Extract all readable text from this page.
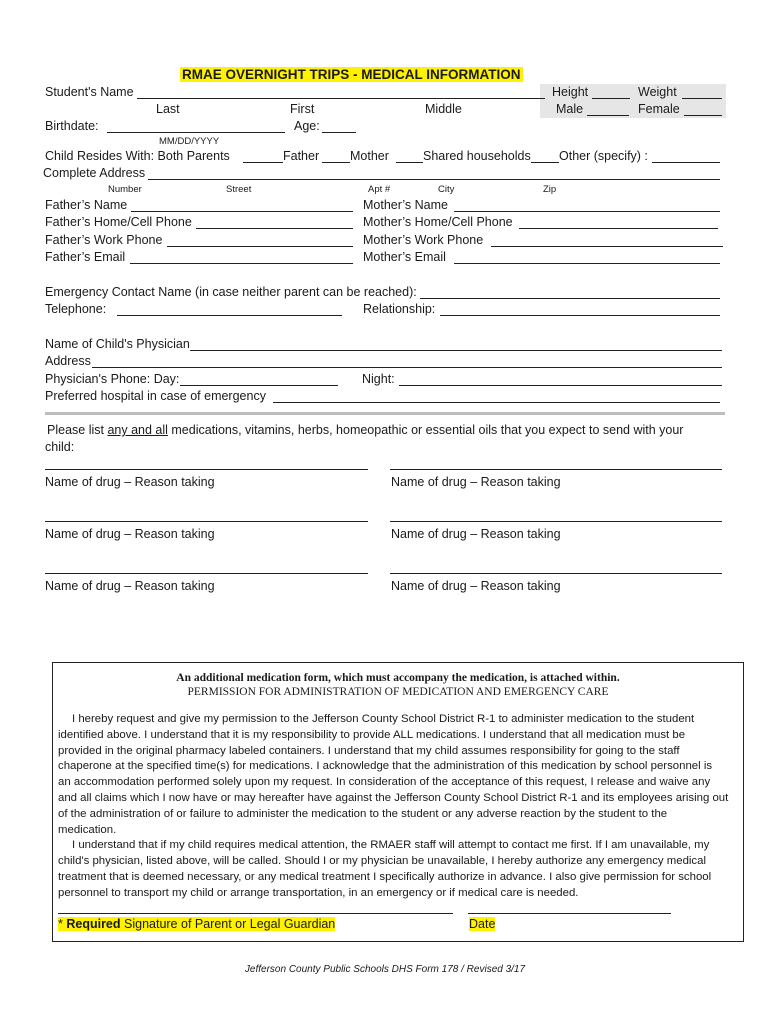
RMAE OVERNIGHT TRIPS - MEDICAL INFORMATION
Student's Name	Height	Weight
Last	First	Middle	Male	Female
Birthdate:	Age:
MM/DD/YYYY
Child Resides With: Both Parents	Father Mother	Shared households Other (specify) :
Complete Address
Number	Street	Apt #	City	Zip
Father’s Name	Mother’s Name
Father’s Home/Cell Phone	Mother’s Home/Cell Phone
Father’s Work Phone	Mother’s Work Phone
Father’s Email	Mother’s Email
Emergency Contact Name (in case neither parent can be reached):
Telephone:	Relationship:
Name of Child's Physician
Address
Physician's Phone: Day:	Night:
Preferred hospital in case of emergency
Please list any and all medications, vitamins, herbs, homeopathic or essential oils that you expect to send with your
child:
Name of drug – Reason taking	Name of drug – Reason taking
Name of drug – Reason taking	Name of drug – Reason taking
Name of drug – Reason taking	Name of drug – Reason taking
An additional medication form, which must accompany the medication, is attached within.
PERMISSION FOR ADMINISTRATION OF MEDICATION AND EMERGENCY CARE
I hereby request and give my permission to the Jefferson County School District R-1 to administer medication to the student
identified above. I understand that it is my responsibility to provide ALL medications. I understand that all medication must be
provided in the original pharmacy labeled containers. I understand that my child assumes responsibility for going to the staff
chaperone at the specified time(s) for medications. I acknowledge that the administration of this medication by school personnel is
an accommodation performed solely upon my request. In consideration of the acceptance of this request, I release and waive any
and all claims which I now have or may hereafter have against the Jefferson County School District R-1 and its employees arising out
of the administration of or failure to administer the medication to the student or any adverse reaction by the student to the
medication.
I understand that if my child requires medical attention, the RMAER staff will attempt to contact me first. If I am unavailable, my
child's physician, listed above, will be called. Should I or my physician be unavailable, I hereby authorize any emergency medical
treatment that is deemed necessary, or any medical treatment I specifically authorize in advance. I also give permission for school
personnel to transport my child or arrange transportation, in an emergency or if medical care is needed.
* Required Signature of Parent or Legal Guardian	Date
Jefferson County Public Schools DHS Form 178 / Revised 3/17
